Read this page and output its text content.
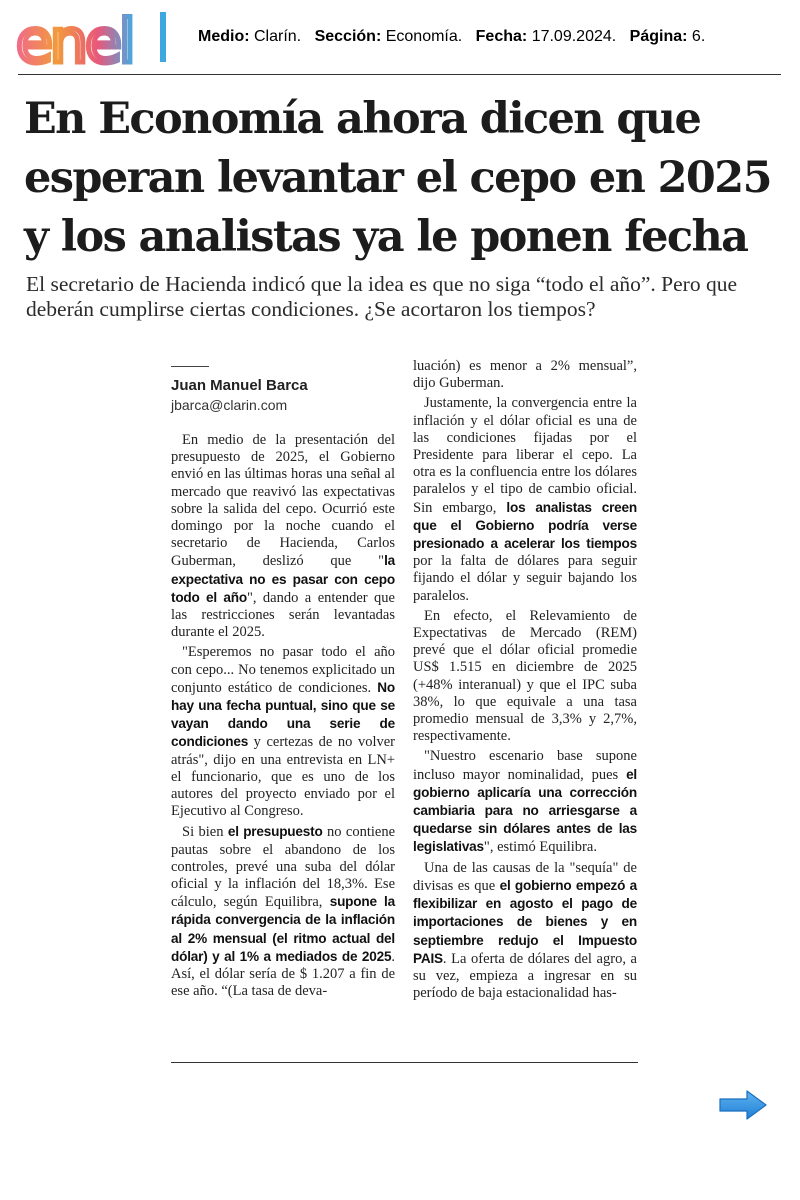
enel	Medio: Clarín. Sección: Economía. Fecha: 17.09.2024. Página: 6.
En Economía ahora dicen que esperan levantar el cepo en 2025 y los analistas ya le ponen fecha

El secretario de Hacienda indicó que la idea es que no siga “todo el año”. Pero que deberán cumplirse ciertas condiciones. ¿Se acortaron los tiempos?

Juan Manuel Barca
jbarca@clarin.com

En medio de la presentación del presupuesto de 2025, el Gobierno envió en las últimas horas una señal al mercado que reavivó las expectativas sobre la salida del cepo. Ocurrió este domingo por la noche cuando el secretario de Hacienda, Carlos Guberman, deslizó que "la expectativa no es pasar con cepo todo el año", dando a entender que las restricciones serán levantadas durante el 2025.

"Esperemos no pasar todo el año con cepo... No tenemos explicitado un conjunto estático de condiciones. No hay una fecha puntual, sino que se vayan dando una serie de condiciones y certezas de no volver atrás", dijo en una entrevista en LN+ el funcionario, que es uno de los autores del proyecto enviado por el Ejecutivo al Congreso.

Si bien el presupuesto no contiene pautas sobre el abandono de los controles, prevé una suba del dólar oficial y la inflación del 18,3%. Ese cálculo, según Equilibra, supone la rápida convergencia de la inflación al 2% mensual (el ritmo actual del dólar) y al 1% a mediados de 2025. Así, el dólar sería de $ 1.207 a fin de ese año. “(La tasa de deva-

luación) es menor a 2% mensual”, dijo Guberman.

Justamente, la convergencia entre la inflación y el dólar oficial es una de las condiciones fijadas por el Presidente para liberar el cepo. La otra es la confluencia entre los dólares paralelos y el tipo de cambio oficial. Sin embargo, los analistas creen que el Gobierno podría verse presionado a acelerar los tiempos por la falta de dólares para seguir fijando el dólar y seguir bajando los paralelos.

En efecto, el Relevamiento de Expectativas de Mercado (REM) prevé que el dólar oficial promedie US$ 1.515 en diciembre de 2025 (+48% interanual) y que el IPC suba 38%, lo que equivale a una tasa promedio mensual de 3,3% y 2,7%, respectivamente.

"Nuestro escenario base supone incluso mayor nominalidad, pues el gobierno aplicaría una corrección cambiaria para no arriesgarse a quedarse sin dólares antes de las legislativas", estimó Equilibra.

Una de las causas de la "sequía" de divisas es que el gobierno empezó a flexibilizar en agosto el pago de importaciones de bienes y en septiembre redujo el Impuesto PAIS. La oferta de dólares del agro, a su vez, empieza a ingresar en su período de baja estacionalidad has-
